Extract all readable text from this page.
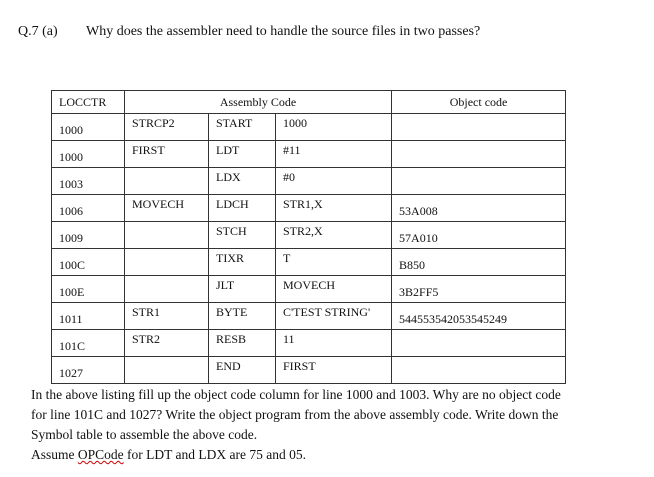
Q.7 (a) Why does the assembler need to handle the source files in two passes?
LOCCTR	Assembly Code			Object code
1000	STRCP2	START	1000	
1000	FIRST	LDT	#11	
1003		LDX	#0	
1006	MOVECH	LDCH	STR1,X	53A008
1009		STCH	STR2,X	57A010
100C		TIXR	T	B850
100E		JLT	MOVECH	3B2FF5
1011	STR1	BYTE	C'TEST STRING'	544553542053545249
101C	STR2	RESB	11	
1027		END	FIRST	

In the above listing fill up the object code column for line 1000 and 1003. Why are no object code

for line 101C and 1027? Write the object program from the above assembly code. Write down the

Symbol table to assemble the above code.

Assume OPCode for LDT and LDX are 75 and 05.
